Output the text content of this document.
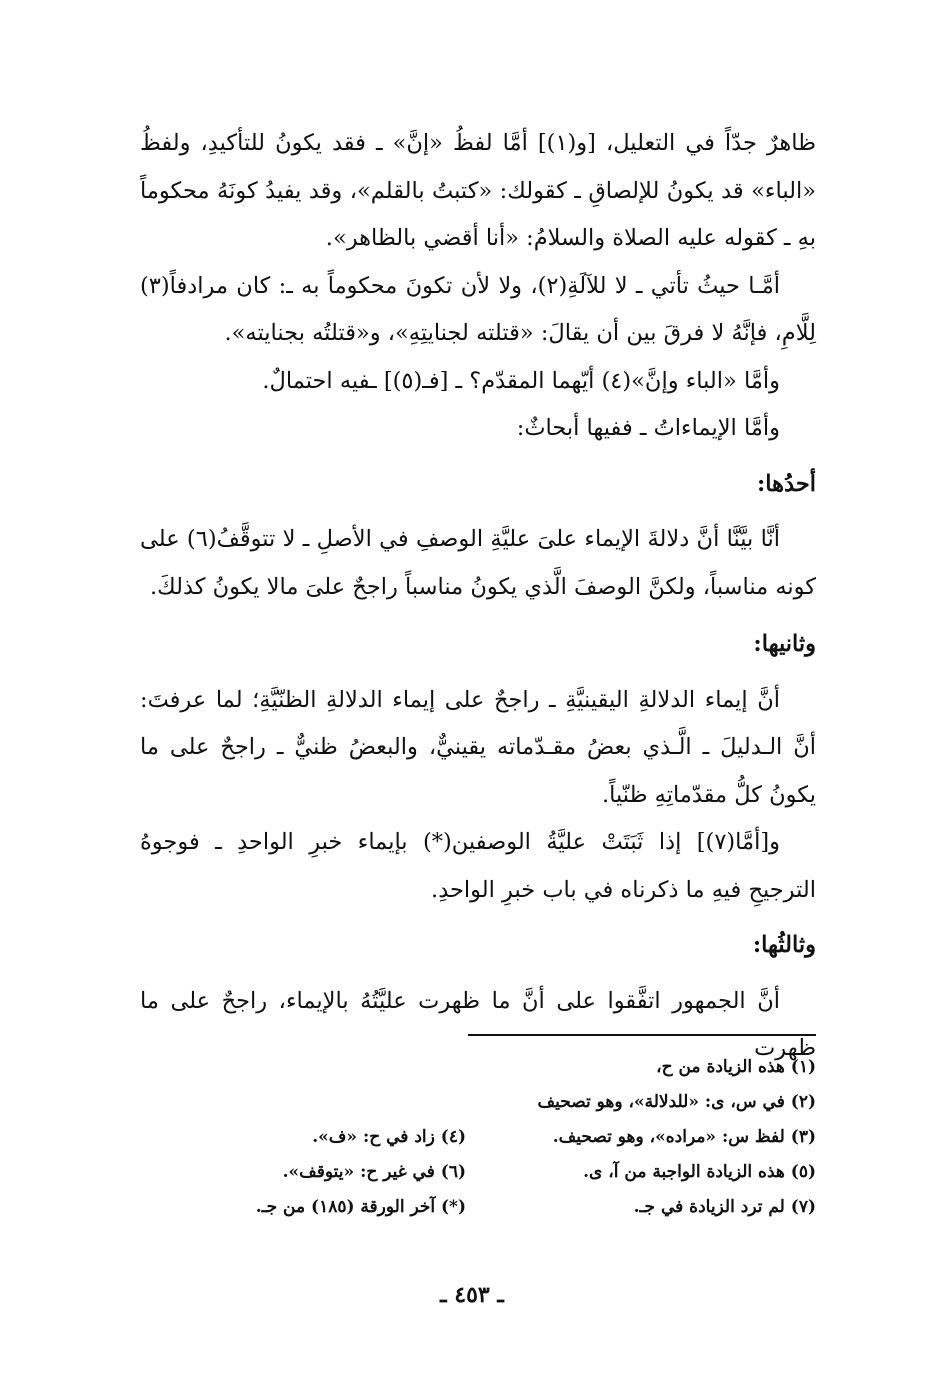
ظاهرٌ جدّاً في التعليل، [و(١)] أمَّا لفظُ «إنَّ» ـ فقد يكونُ للتأكيدِ، ولفظُ «الباء» قد يكونُ للإلصاقِ ـ كقولك: «كتبتُ بالقلم»، وقد يفيدُ كونَهُ محكوماً بهِ ـ كقوله عليه الصلاة والسلامُ: «أنا أقضي بالظاهر».

أمَّـا حيثُ تأتي ـ لا للآلَةِ(٢)، ولا لأن تكونَ محكوماً به ـ: كان مرادفاً(٣) لِلَّامِ، فإنَّهُ لا فرقَ بين أن يقالَ: «قتلته لجنايتِهِ»، و«قتلتُه بجنايته».

وأمَّا «الباء وإنَّ»(٤) أيّهما المقدّم؟ ـ [فـ(٥)] ـفيه احتمالٌ.

وأمَّا الإيماءاتُ ـ ففيها أبحاثٌ:

أحدُها:

أنَّا بيَّنَّا أنَّ دلالةَ الإيماء علىَ عليَّةِ الوصفِ في الأصلِ ـ لا تتوقَّفُ(٦) على كونه مناسباً، ولكنَّ الوصفَ الَّذي يكونُ مناسباً راجحٌ علىَ مالا يكونُ كذلكَ.

وثانيها:

أنَّ إيماء الدلالةِ اليقينيَّةِ ـ راجحٌ على إيماء الدلالةِ الظنّيَّةِ؛ لما عرفتَ: أنَّ الـدليلَ ـ الَّـذي بعضُ مقـدّماته يقينيٌّ، والبعضُ ظنيٌّ ـ راجحٌ على ما يكونُ كلُّ مقدّماتِهِ ظنّياً.

و[أمَّا(٧)] إذا ثَبَتَتْ عليَّةُ الوصفين(*) بإيماء خبرِ الواحدِ ـ فوجوهُ الترجيحِ فيهِ ما ذكرناه في باب خبرِ الواحدِ.

وثالثُها:

أنَّ الجمهور اتفَّقوا على أنَّ ما ظهرت عليَّتُهُ بالإيماء، راجحٌ على ما ظهرت

(١) هذه الزيادة من ح،
(٢) في س، ى: «للدلالة»، وهو تصحيف
(٣) لفظ س: «مراده»، وهو تصحيف.
(٤) زاد في ح: «ف».
(٥) هذه الزيادة الواجبة من آ، ى.
(٦) في غير ح: «يتوقف».
(٧) لم ترد الزيادة في جـ.
(*) آخر الورقة (١٨٥) من جـ.
ـ ٤٥٣ ـ
